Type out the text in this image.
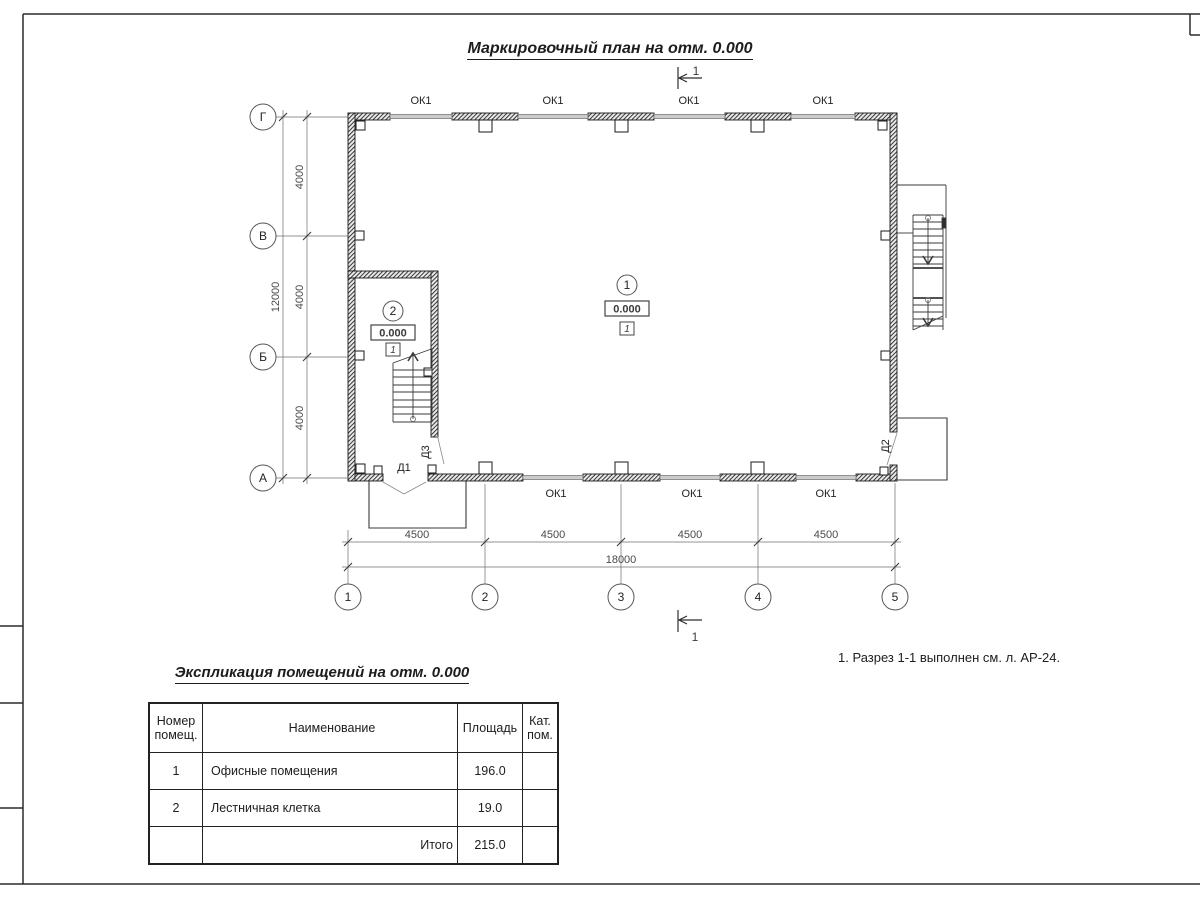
Г
В
Б
А
1	2	3	4	5
4000
4000
4000
12000
4500	4500	4500	4500
18000
ОК1	ОК1	ОК1	ОК1
ОК1	ОК1	ОК1
Д1
Д3	Д2
1
0.000
1
2
0.000
1
1
1
Маркировочный план на отм. 0.000
1. Разрез 1-1 выполнен см. л. АР-24.
Экспликация помещений на отм. 0.000
Номер помещ.	Наименование	Площадь	Кат. пом.
1	Офисные помещения	196.0	
2	Лестничная клетка	19.0	
	Итого	215.0	
